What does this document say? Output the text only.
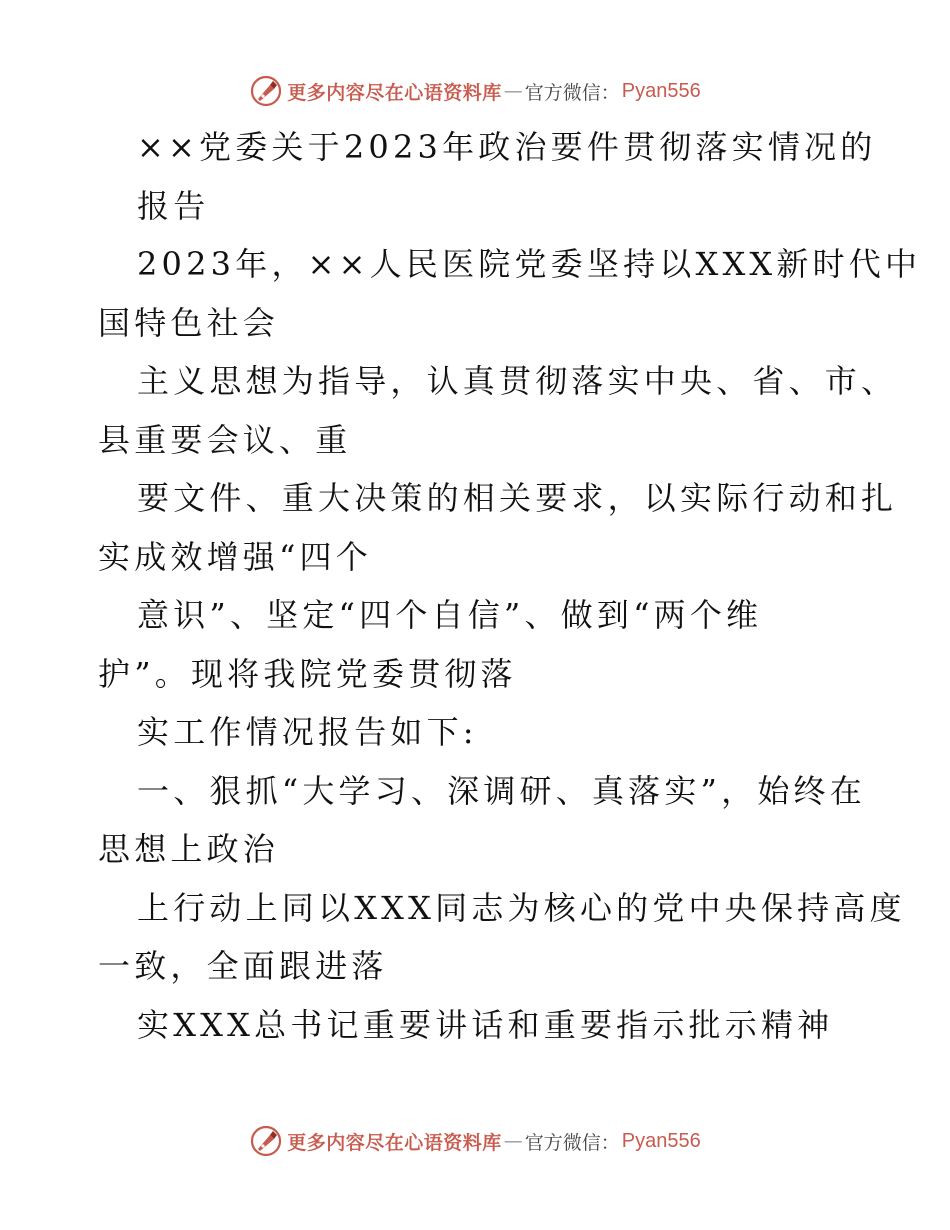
更多内容尽在心语资料库 — 官方微信： Pyan556
××党委关于2023年政治要件贯彻落实情况的
报告
2023年，××人民医院党委坚持以XXX新时代中
国特色社会
主义思想为指导，认真贯彻落实中央、省、市、
县重要会议、重
要文件、重大决策的相关要求，以实际行动和扎
实成效增强“四个
意识”、坚定“四个自信”、做到“两个维
护”。现将我院党委贯彻落
实工作情况报告如下:
一、狠抓“大学习、深调研、真落实”，始终在
思想上政治
上行动上同以XXX同志为核心的党中央保持高度
一致，全面跟进落
实XXX总书记重要讲话和重要指示批示精神
更多内容尽在心语资料库 — 官方微信： Pyan556
